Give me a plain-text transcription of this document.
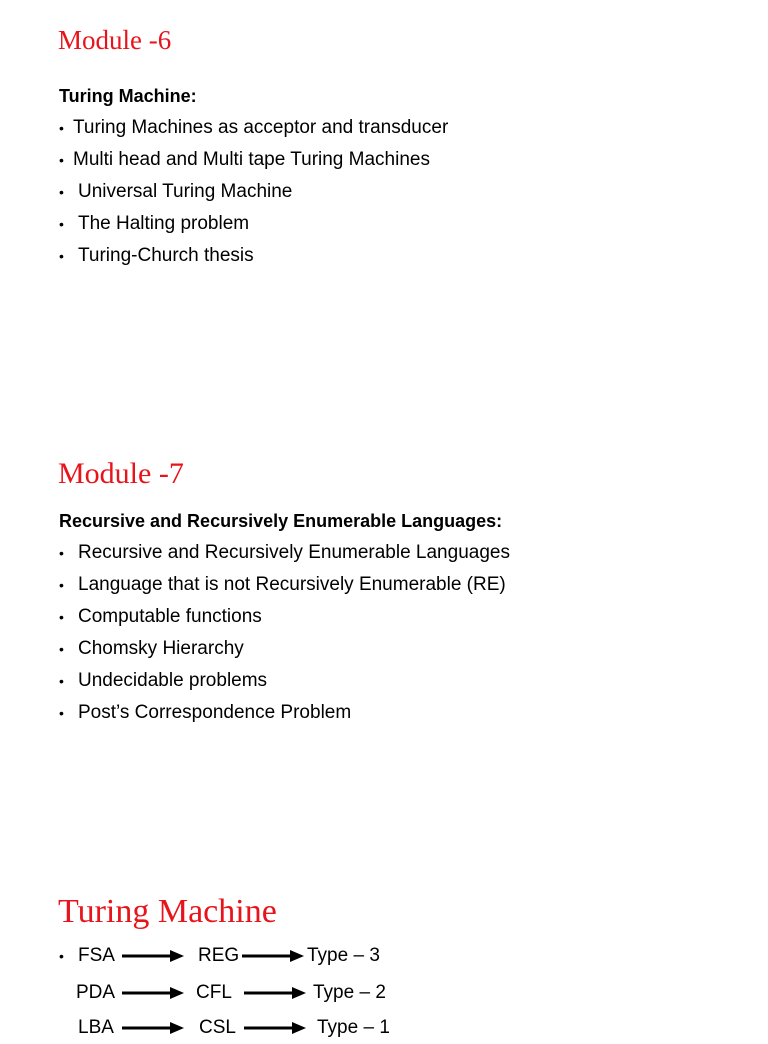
Module -6
Turing Machine:
• Turing Machines as acceptor and transducer
• Multi head and Multi tape Turing Machines
• Universal Turing Machine
• The Halting problem
• Turing-Church thesis
Module -7
Recursive and Recursively Enumerable Languages:
• Recursive and Recursively Enumerable Languages
• Language that is not Recursively Enumerable (RE)
• Computable functions
• Chomsky Hierarchy
• Undecidable problems
• Post’s Correspondence Problem
Turing Machine
• FSA	REG	Type – 3
PDA	CFL	Type – 2
LBA	CSL	Type – 1
